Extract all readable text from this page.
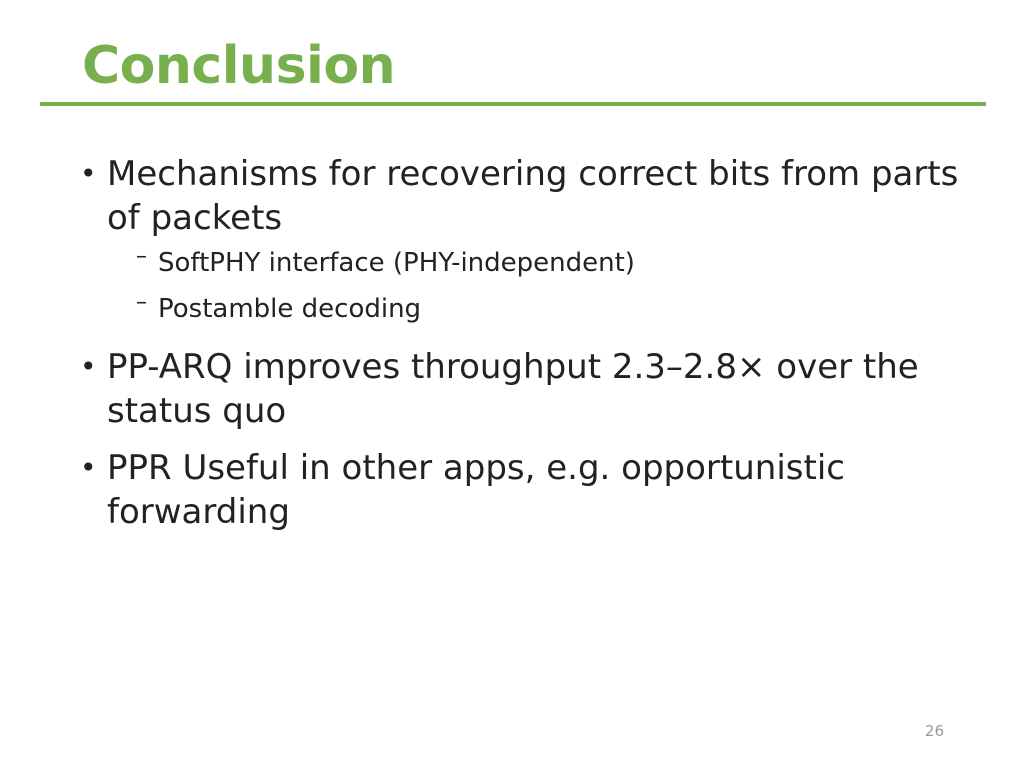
Conclusion
• Mechanisms for recovering correct bits from parts of packets
– SoftPHY interface (PHY-independent)
– Postamble decoding
• PP-ARQ improves throughput 2.3–2.8× over the status quo
• PPR Useful in other apps, e.g. opportunistic forwarding
26
